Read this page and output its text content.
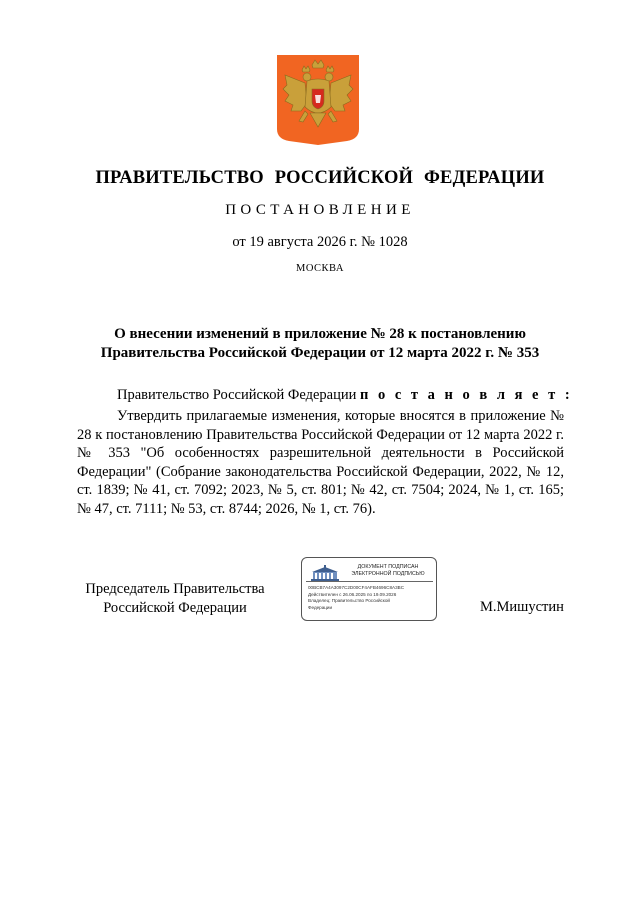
ПРАВИТЕЛЬСТВО РОССИЙСКОЙ ФЕДЕРАЦИИ
ПОСТАНОВЛЕНИЕ
от 19 августа 2026 г. № 1028
МОСКВА
О внесении изменений в приложение № 28 к постановлению
Правительства Российской Федерации от 12 марта 2022 г. № 353
Правительство Российской Федерации п о с т а н о в л я е т :
Утвердить прилагаемые изменения, которые вносятся в приложение № 28 к постановлению Правительства Российской Федерации от 12 марта 2022 г. № 353 "Об особенностях разрешительной деятельности в Российской Федерации" (Собрание законодательства Российской Федерации, 2022, № 12, ст. 1839; № 41, ст. 7092; 2023, № 5, ст. 801; № 42, ст. 7504; 2024, № 1, ст. 165; № 47, ст. 7111; № 53, ст. 8744; 2026, № 1, ст. 76).
Председатель Правительства
Российской Федерации
ДОКУМЕНТ ПОДПИСАН
ЭЛЕКТРОННОЙ ПОДПИСЬЮ
00BCB7A4A3097C2D00CF4AFB4696C8A3BC
Действителен с 26.06.2025 по 19.09.2026
Владелец: Правительство Российской
Федерации	М.Мишустин
